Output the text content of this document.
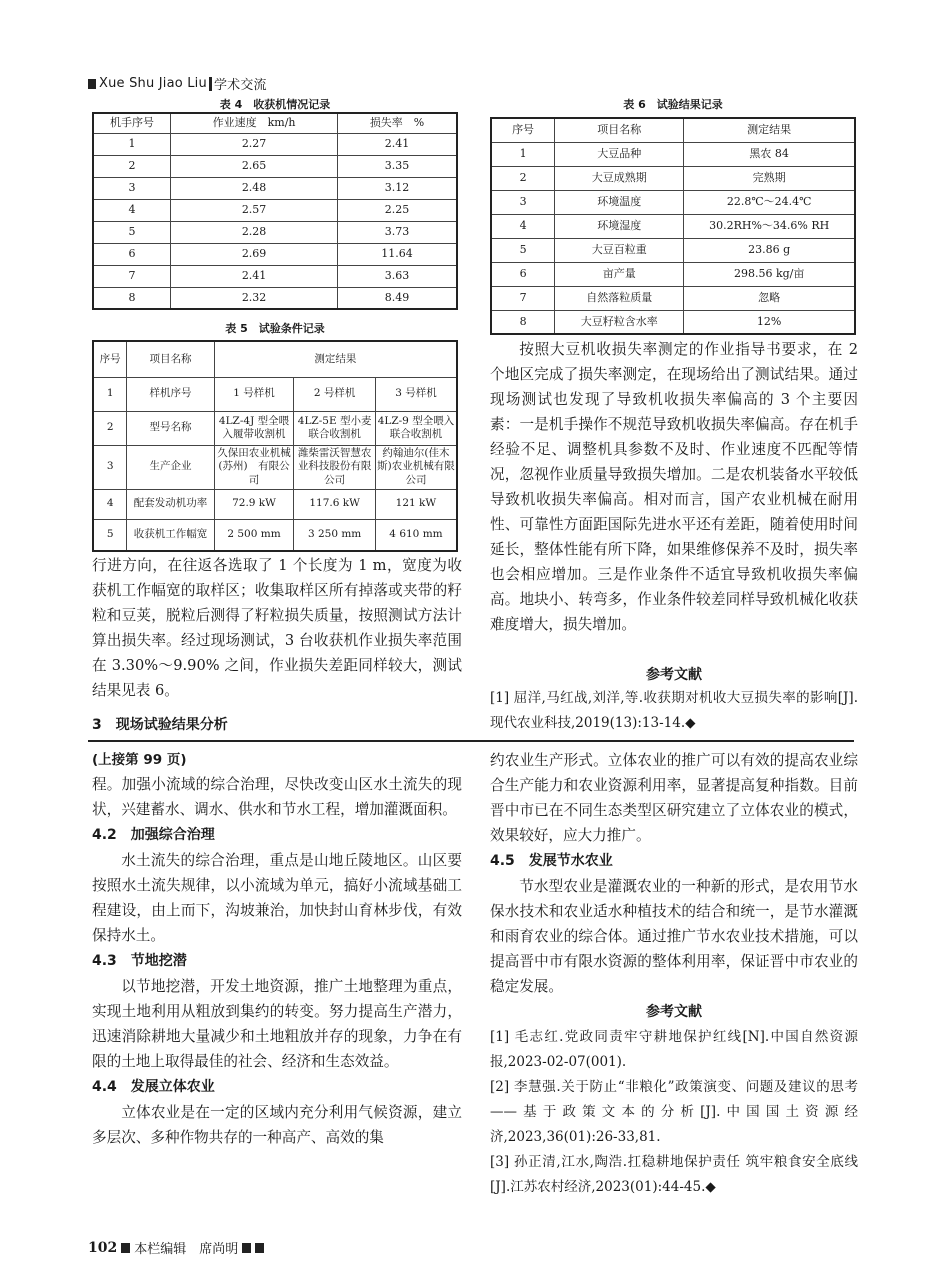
Xue Shu Jiao Liu 学术交流
表 4　收获机情况记录
机手序号	作业速度　km/h	损失率　%
1	2.27	2.41
2	2.65	3.35
3	2.48	3.12
4	2.57	2.25
5	2.28	3.73
6	2.69	11.64
7	2.41	3.63
8	2.32	8.49
表 5　试验条件记录
序号	项目名称	测定结果		
1	样机序号	1 号样机	2 号样机	3 号样机
2	型号名称	4LZ-4J 型全喂入履带收割机	4LZ-5E 型小麦联合收割机	4LZ-9 型全喂入联合收割机
3	生产企业	久保田农业机械(苏州)　有限公司	潍柴雷沃智慧农业科技股份有限公司	约翰迪尔(佳木斯)农业机械有限公司
4	配套发动机功率	72.9 kW	117.6 kW	121 kW
5	收获机工作幅宽	2 500 mm	3 250 mm	4 610 mm

行进方向，在往返各选取了 1 个长度为 1 m，宽度为收获机工作幅宽的取样区；收集取样区所有掉落或夹带的籽粒和豆荚，脱粒后测得了籽粒损失质量，按照测试方法计算出损失率。经过现场测试，3 台收获机作业损失率范围在 3.30%～9.90% 之间，作业损失差距同样较大，测试结果见表 6。

3　现场试验结果分析
表 6　试验结果记录
序号	项目名称	测定结果
1	大豆品种	黑农 84
2	大豆成熟期	完熟期
3	环境温度	22.8℃～24.4℃
4	环境湿度	30.2RH%～34.6% RH
5	大豆百粒重	23.86 g
6	亩产量	298.56 kg/亩
7	自然落粒质量	忽略
8	大豆籽粒含水率	12%

按照大豆机收损失率测定的作业指导书要求，在 2 个地区完成了损失率测定，在现场给出了测试结果。通过现场测试也发现了导致机收损失率偏高的 3 个主要因素：一是机手操作不规范导致机收损失率偏高。存在机手经验不足、调整机具参数不及时、作业速度不匹配等情况，忽视作业质量导致损失增加。二是农机装备水平较低导致机收损失率偏高。相对而言，国产农业机械在耐用性、可靠性方面距国际先进水平还有差距，随着使用时间延长，整体性能有所下降，如果维修保养不及时，损失率也会相应增加。三是作业条件不适宜导致机收损失率偏高。地块小、转弯多，作业条件较差同样导致机械化收获难度增大，损失增加。

参考文献
[1] 屈洋,马红战,刘洋,等.收获期对机收大豆损失率的影响[J].现代农业科技,2019(13):13-14.◆
(上接第 99 页)

程。加强小流域的综合治理，尽快改变山区水土流失的现状，兴建蓄水、调水、供水和节水工程，增加灌溉面积。

4.2　加强综合治理

水土流失的综合治理，重点是山地丘陵地区。山区要按照水土流失规律，以小流域为单元，搞好小流域基础工程建设，由上而下，沟坡兼治，加快封山育林步伐，有效保持水土。

4.3　节地挖潜

以节地挖潜，开发土地资源，推广土地整理为重点，实现土地利用从粗放到集约的转变。努力提高生产潜力，迅速消除耕地大量减少和土地粗放并存的现象，力争在有限的土地上取得最佳的社会、经济和生态效益。

4.4　发展立体农业

立体农业是在一定的区域内充分利用气候资源，建立多层次、多种作物共存的一种高产、高效的集

约农业生产形式。立体农业的推广可以有效的提高农业综合生产能力和农业资源利用率，显著提高复种指数。目前晋中市已在不同生态类型区研究建立了立体农业的模式，效果较好，应大力推广。

4.5　发展节水农业

节水型农业是灌溉农业的一种新的形式，是农用节水保水技术和农业适水种植技术的结合和统一，是节水灌溉和雨育农业的综合体。通过推广节水农业技术措施，可以提高晋中市有限水资源的整体利用率，保证晋中市农业的稳定发展。

参考文献
[1] 毛志红.党政同责牢守耕地保护红线[N].中国自然资源报,2023-02-07(001).
[2] 李慧强.关于防止“非粮化”政策演变、问题及建议的思考——基于政策文本的分析[J].中国国土资源经济,2023,36(01):26-33,81.
[3] 孙正清,江水,陶浩.扛稳耕地保护责任 筑牢粮食安全底线[J].江苏农村经济,2023(01):44-45.◆
102 本栏编辑　席尚明
